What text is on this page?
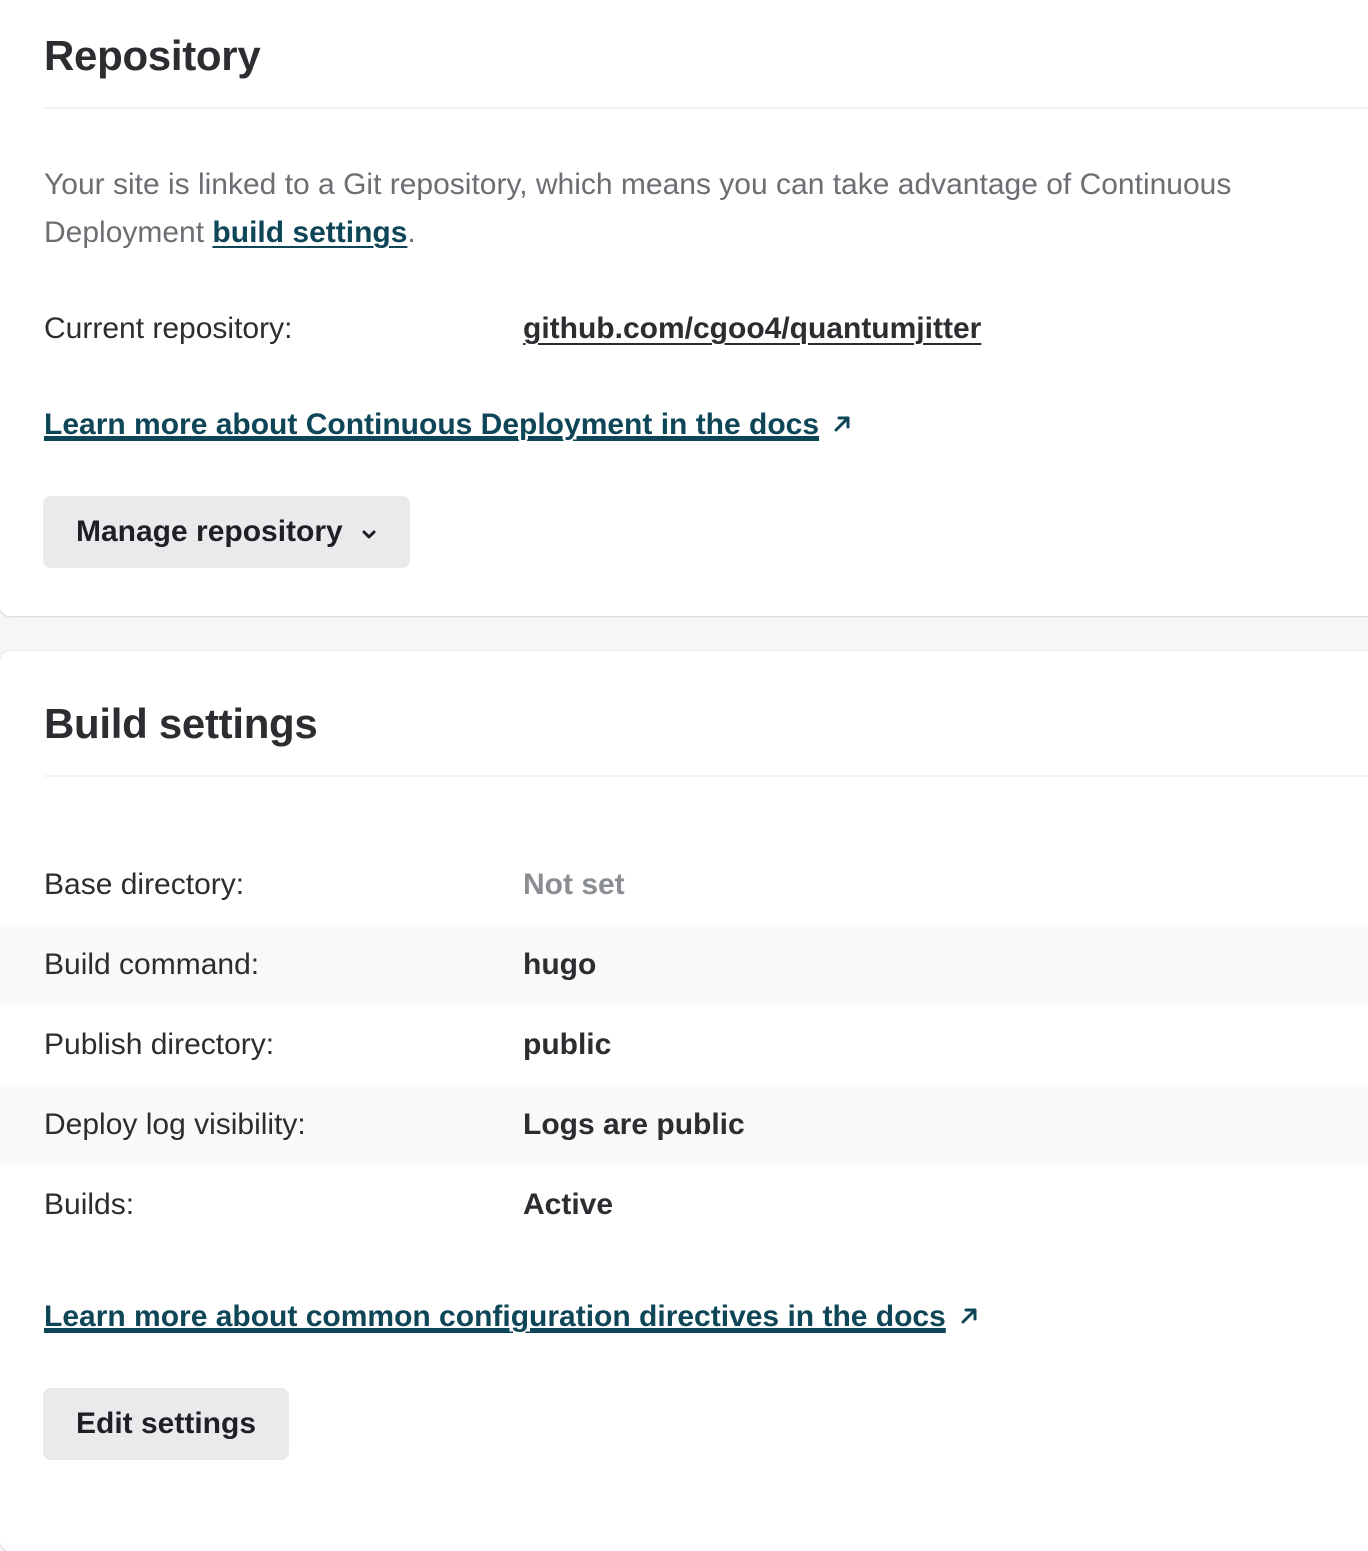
Repository

Your site is linked to a Git repository, which means you can take advantage of Continuous Deployment build settings.

Current repository:	github.com/cgoo4/quantumjitter
Learn more about Continuous Deployment in the docs
Manage repository
Build settings
Base directory:	Not set
Build command:	hugo
Publish directory:	public
Deploy log visibility:	Logs are public
Builds:	Active
Learn more about common configuration directives in the docs
Edit settings
